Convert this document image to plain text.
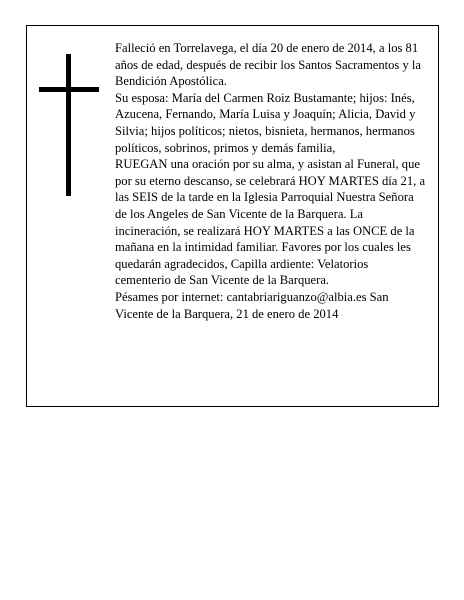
Falleció en Torrelavega, el día 20 de enero de 2014, a los 81 años de edad, después de recibir los Santos Sacramentos y la Bendición Apostólica.

Su esposa: María del Carmen Roiz Bustamante; hijos: Inés, Azucena, Fernando, María Luisa y Joaquín; Alicia, David y Silvia; hijos políticos; nietos, bisnieta, hermanos, hermanos políticos, sobrinos, primos y demás familia,

RUEGAN una oración por su alma, y asistan al Funeral, que por su eterno descanso, se celebrará HOY MARTES día 21, a las SEIS de la tarde en la Iglesia Parroquial Nuestra Señora de los Angeles de San Vicente de la Barquera. La incineración, se realizará HOY MARTES a las ONCE de la mañana en la intimidad familiar. Favores por los cuales les quedarán agradecidos, Capilla ardiente: Velatorios cementerio de San Vicente de la Barquera.

Pésames por internet: cantabriariguanzo@albia.es San Vicente de la Barquera, 21 de enero de 2014
